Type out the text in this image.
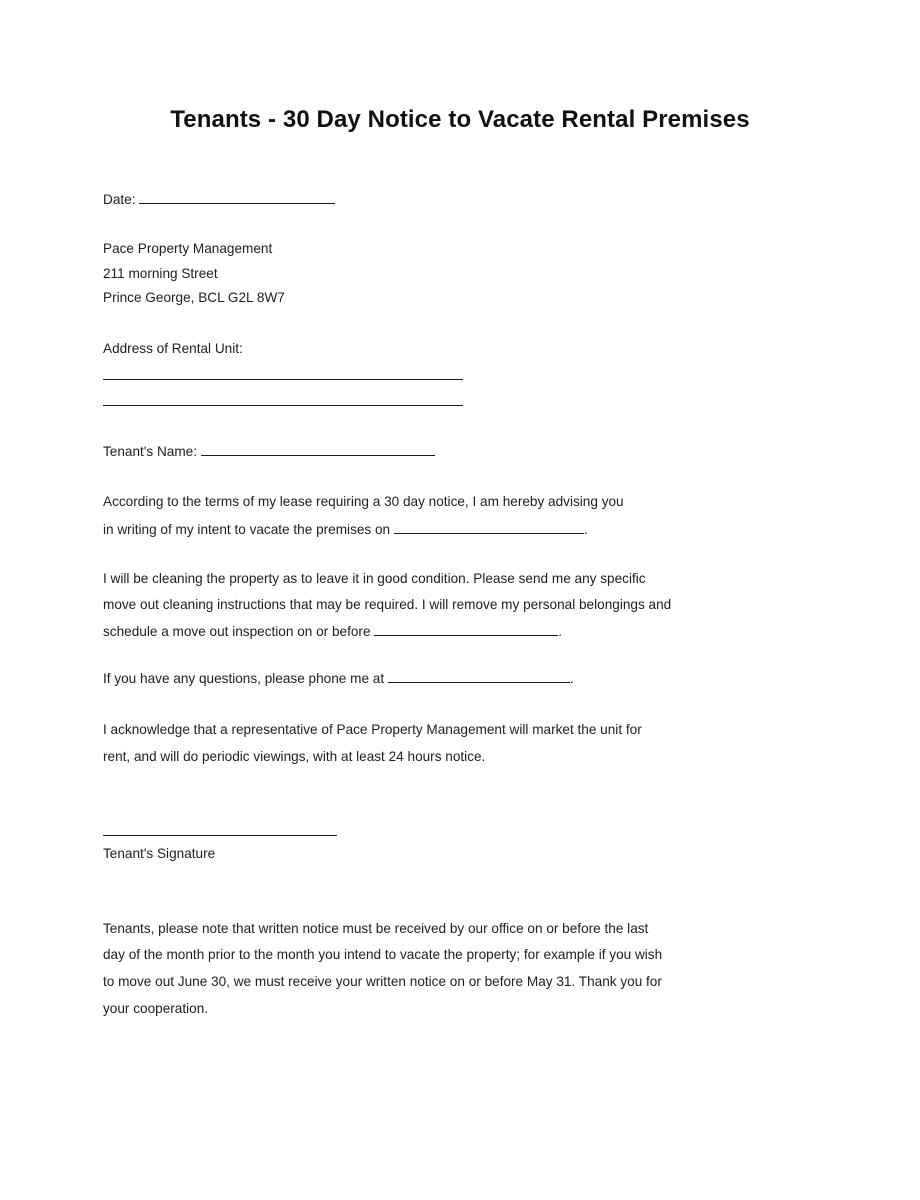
Tenants - 30 Day Notice to Vacate Rental Premises
Date:
Pace Property Management
211 morning Street
Prince George, BCL G2L 8W7
Address of Rental Unit:
Tenant's Name:
According to the terms of my lease requiring a 30 day notice, I am hereby advising you
in writing of my intent to vacate the premises on	.
I will be cleaning the property as to leave it in good condition. Please send me any specific
move out cleaning instructions that may be required. I will remove my personal belongings and
schedule a move out inspection on or before	.
If you have any questions, please phone me at	.
I acknowledge that a representative of Pace Property Management will market the unit for
rent, and will do periodic viewings, with at least 24 hours notice.
Tenant's Signature
Tenants, please note that written notice must be received by our office on or before the last
day of the month prior to the month you intend to vacate the property; for example if you wish
to move out June 30, we must receive your written notice on or before May 31. Thank you for
your cooperation.
